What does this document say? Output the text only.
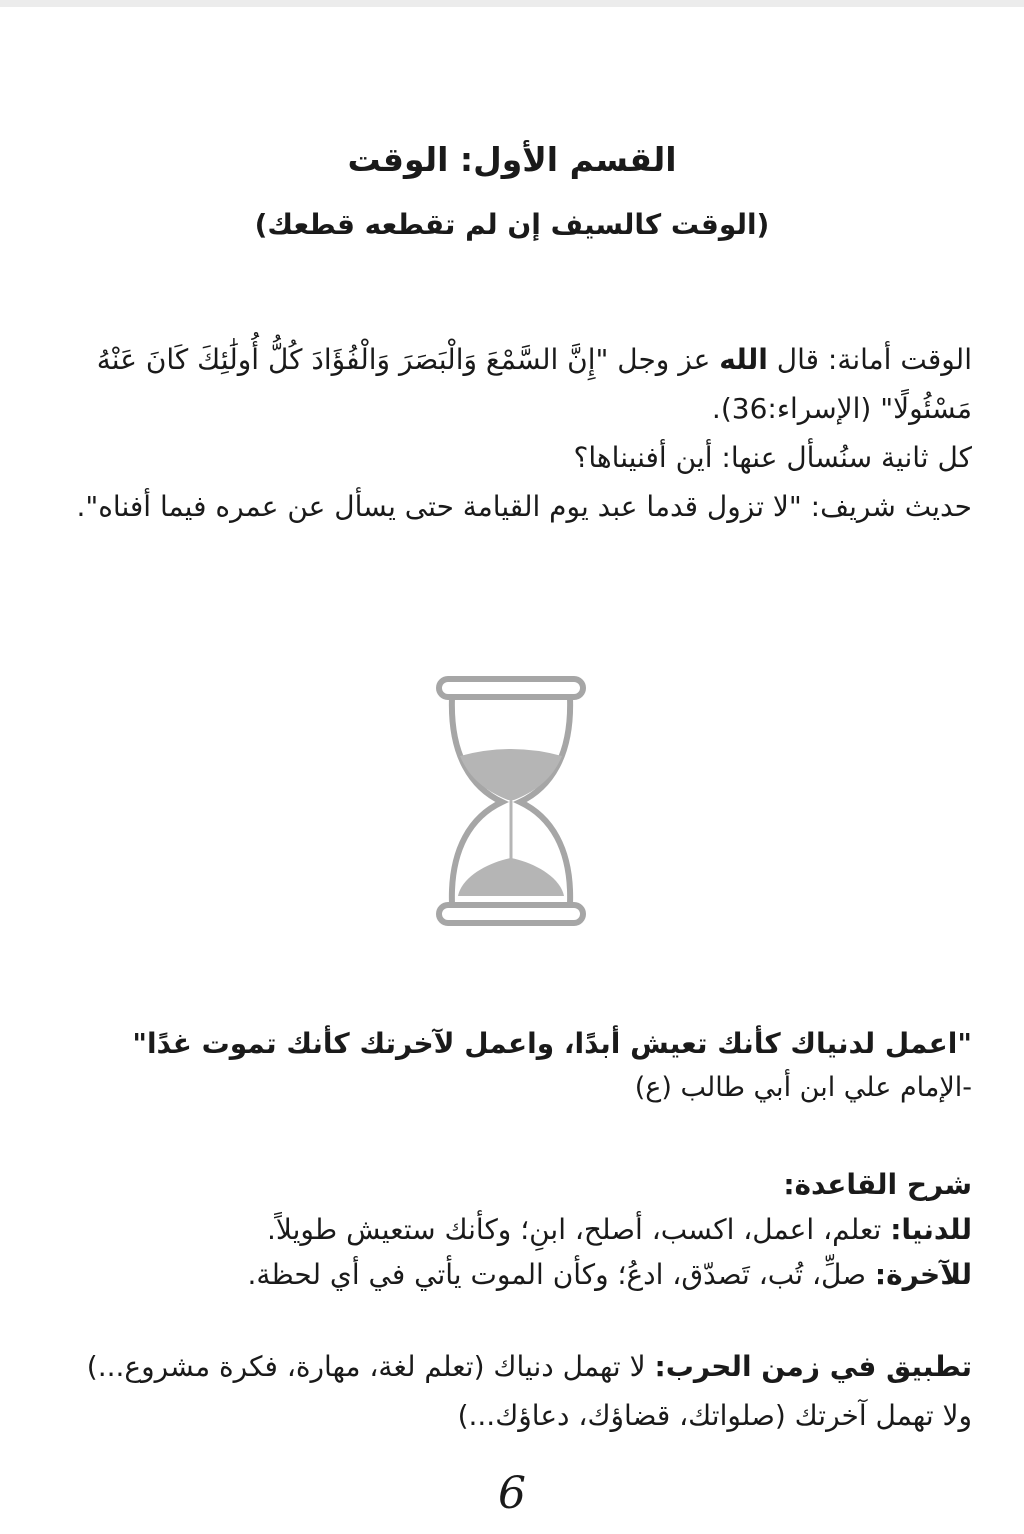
القسم الأول: الوقت
(الوقت كالسيف إن لم تقطعه قطعك)

الوقت أمانة: قال الله عز وجل "إِنَّ السَّمْعَ وَالْبَصَرَ وَالْفُؤَادَ كُلُّ أُولَٰئِكَ كَانَ عَنْهُ مَسْئُولًا" (الإسراء:36).

كل ثانية سنُسأل عنها: أين أفنيناها؟

حديث شريف: "لا تزول قدما عبد يوم القيامة حتى يسأل عن عمره فيما أفناه".

"اعمل لدنياك كأنك تعيش أبدًا، واعمل لآخرتك كأنك تموت غدًا"

-الإمام علي ابن أبي طالب (ع)

شرح القاعدة:

للدنيا: تعلم، اعمل، اكسب، أصلح، ابنِ؛ وكأنك ستعيش طويلاً.

للآخرة: صلِّ، تُب، تَصدّق، ادعُ؛ وكأن الموت يأتي في أي لحظة.

تطبيق في زمن الحرب: لا تهمل دنياك (تعلم لغة، مهارة، فكرة مشروع...) ولا تهمل آخرتك (صلواتك، قضاؤك، دعاؤك...)

6
